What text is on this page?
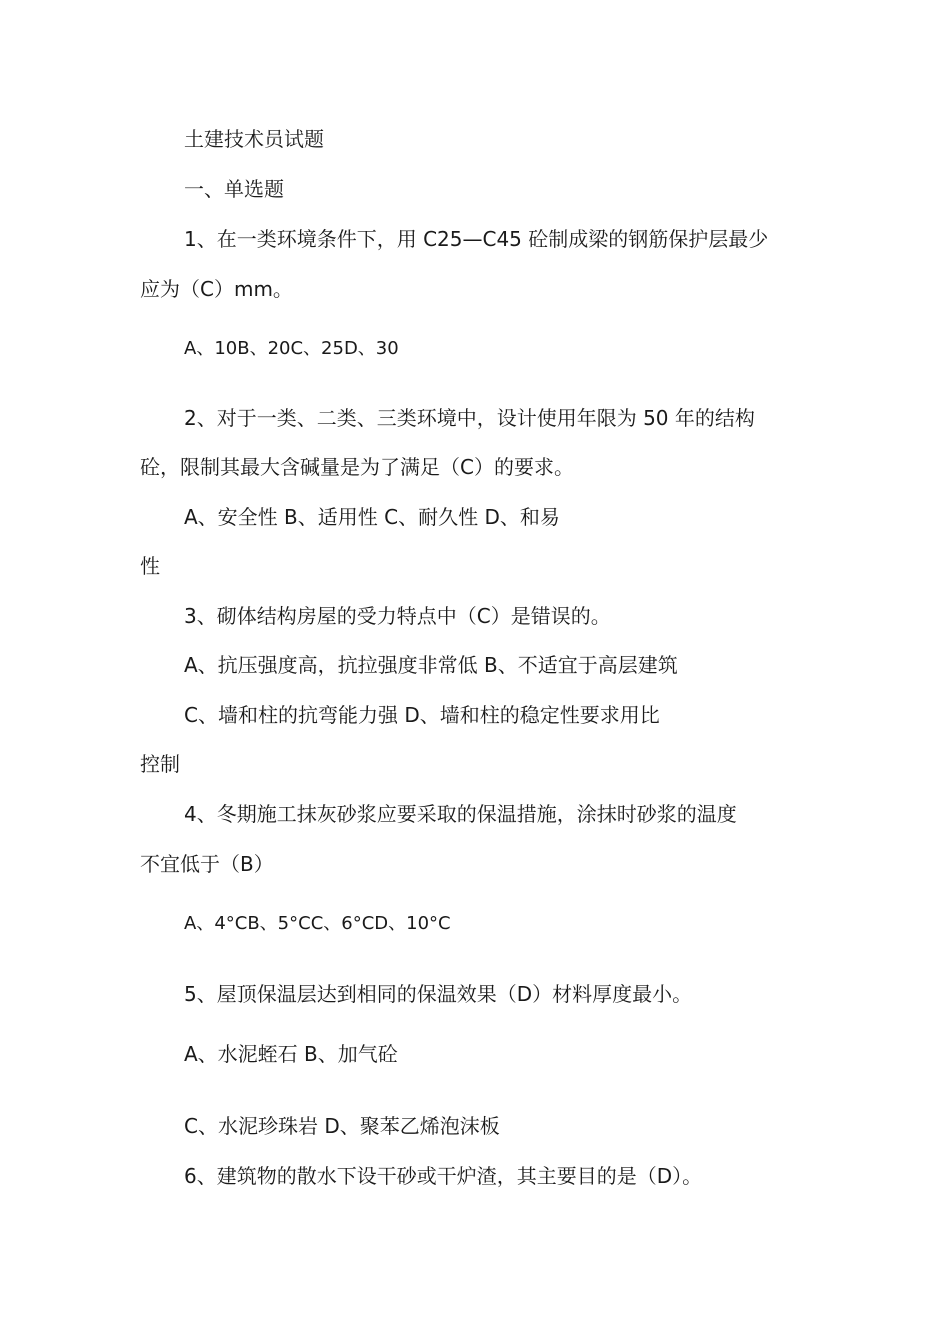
土建技术员试题
一、单选题
1、在一类环境条件下，用 C25—C45 砼制成梁的钢筋保护层最少
应为（C）mm。
A、10B、20C、25D、30
2、对于一类、二类、三类环境中，设计使用年限为 50 年的结构
砼，限制其最大含碱量是为了满足（C）的要求。
A、安全性 B、适用性 C、耐久性 D、和易
性
3、砌体结构房屋的受力特点中（C）是错误的。
A、抗压强度高，抗拉强度非常低 B、不适宜于高层建筑
C、墙和柱的抗弯能力强 D、墙和柱的稳定性要求用比
控制
4、冬期施工抹灰砂浆应要采取的保温措施，涂抹时砂浆的温度
不宜低于（B）
A、4°CB、5°CC、6°CD、10°C
5、屋顶保温层达到相同的保温效果（D）材料厚度最小。
A、水泥蛭石 B、加气砼
C、水泥珍珠岩 D、聚苯乙烯泡沫板
6、建筑物的散水下设干砂或干炉渣，其主要目的是（D）。
